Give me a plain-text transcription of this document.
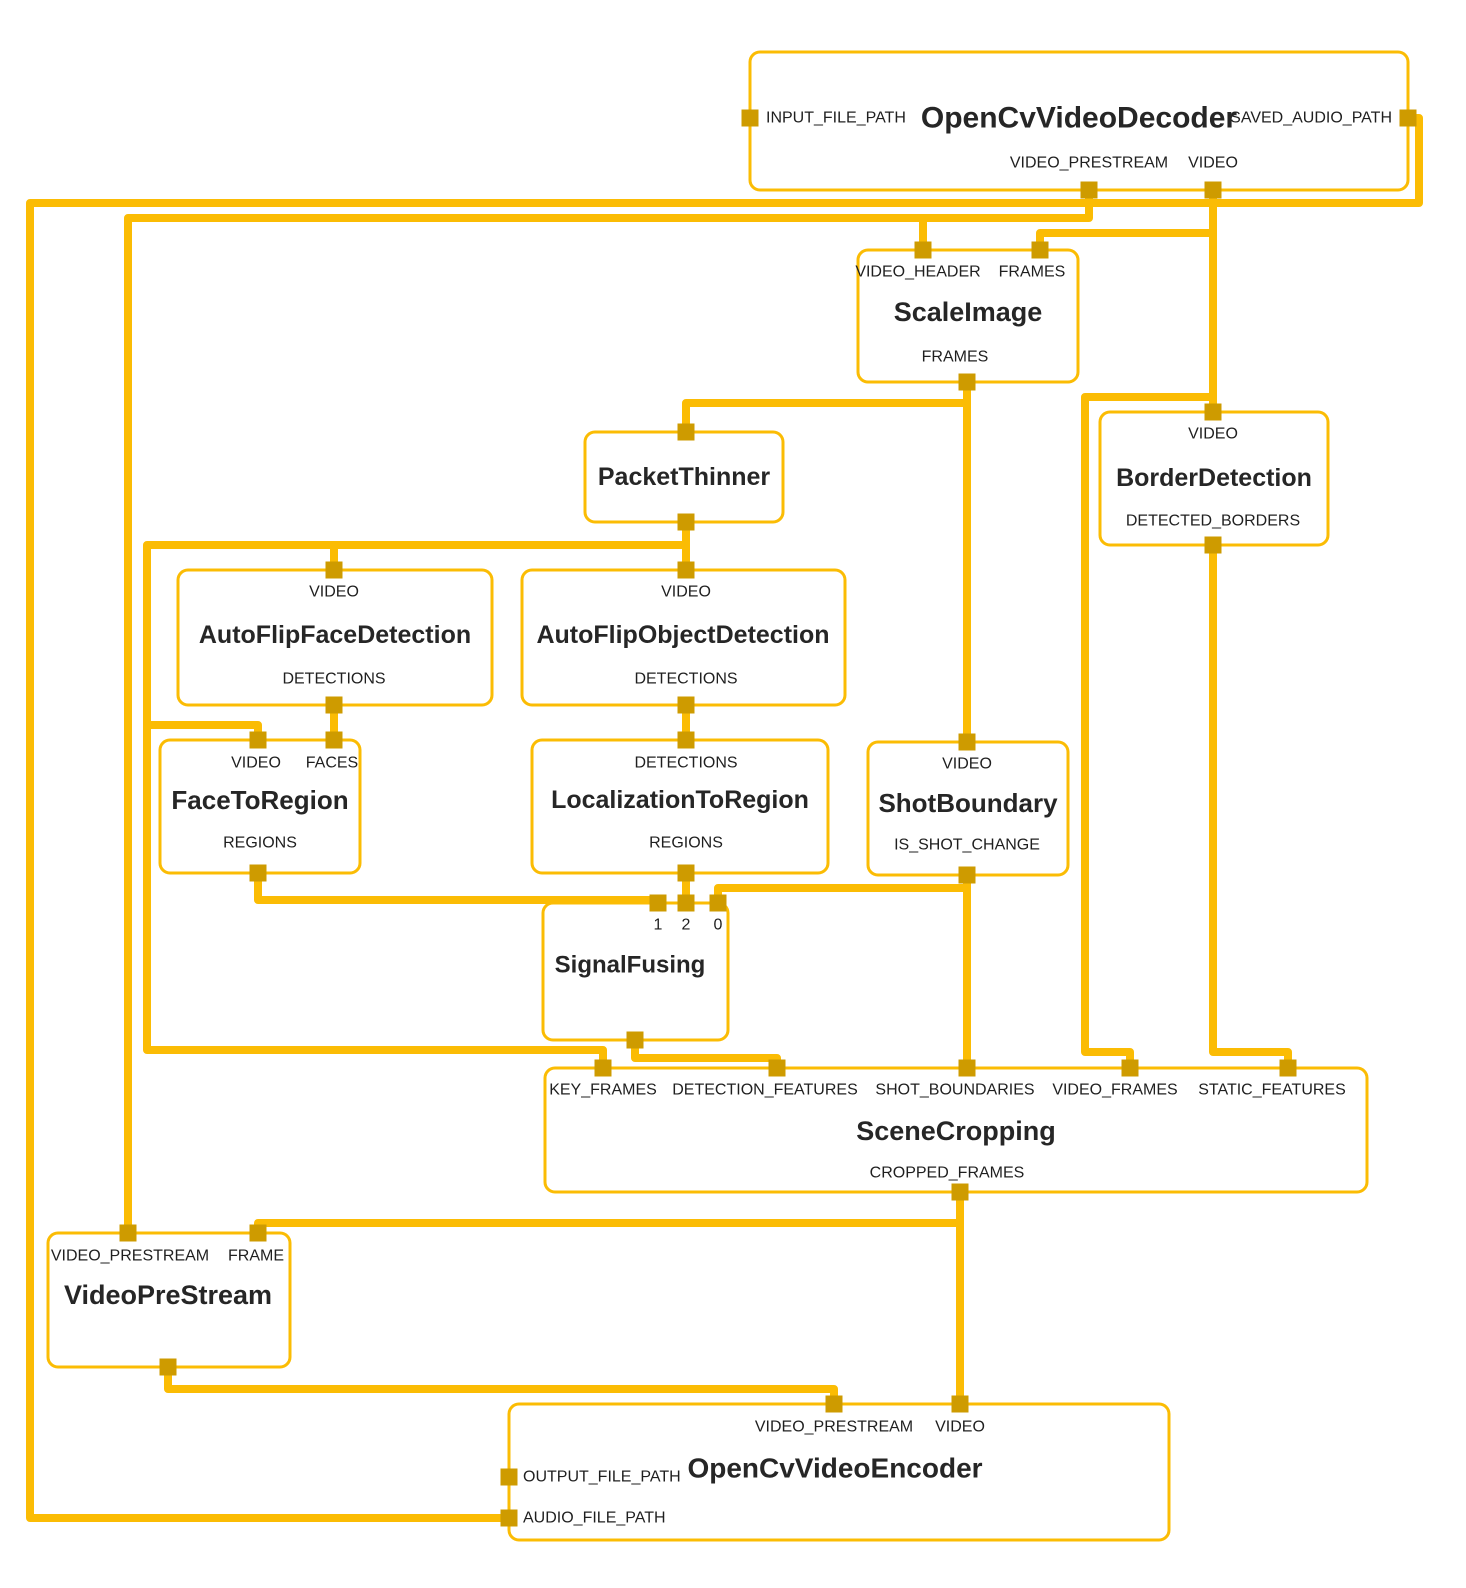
OpenCvVideoDecoder
INPUT_FILE_PATH	SAVED_AUDIO_PATH
VIDEO_PRESTREAM VIDEO
ScaleImage
VIDEO_HEADER FRAMES
FRAMES
PacketThinner	BorderDetection
VIDEO
DETECTED_BORDERS
AutoFlipFaceDetection
VIDEO
DETECTIONS
AutoFlipObjectDetection
VIDEO
DETECTIONS
FaceToRegion
VIDEO FACES
REGIONS
LocalizationToRegion
DETECTIONS
REGIONS
ShotBoundary
VIDEO
IS_SHOT_CHANGE
SignalFusing
1 2 0
SceneCropping
KEY_FRAMES DETECTION_FEATURES SHOT_BOUNDARIES VIDEO_FRAMES STATIC_FEATURES
CROPPED_FRAMES
VideoPreStream
VIDEO_PRESTREAM FRAME
OpenCvVideoEncoder
VIDEO_PRESTREAM VIDEO
OUTPUT_FILE_PATH
AUDIO_FILE_PATH
